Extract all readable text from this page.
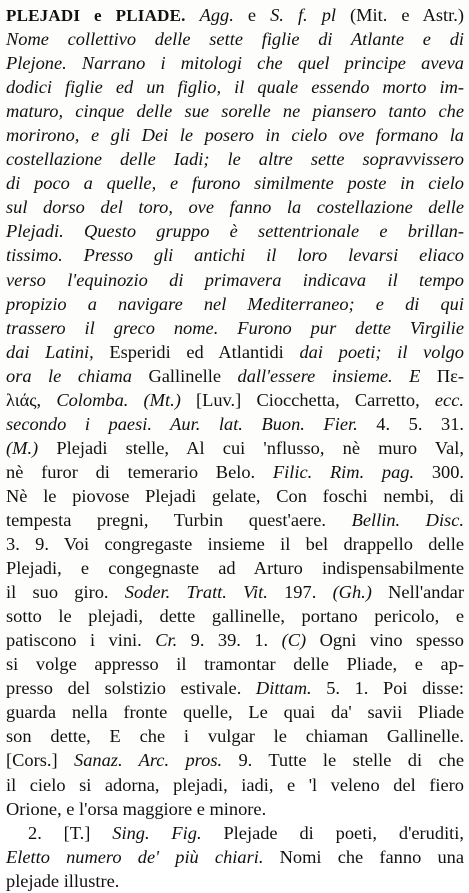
PLEJADI e PLIADE. Agg. e S. f. pl (Mit. e Astr.)
Nome collettivo delle sette figlie di Atlante e di
Plejone. Narrano i mitologi che quel principe aveva
dodici figlie ed un figlio, il quale essendo morto im-
maturo, cinque delle sue sorelle ne piansero tanto che
morirono, e gli Dei le posero in cielo ove formano la
costellazione delle Iadi; le altre sette sopravvissero
di poco a quelle, e furono similmente poste in cielo
sul dorso del toro, ove fanno la costellazione delle
Plejadi. Questo gruppo è settentrionale e brillan-
tissimo. Presso gli antichi il loro levarsi eliaco
verso l'equinozio di primavera indicava il tempo
propizio a navigare nel Mediterraneo; e di qui
trassero il greco nome. Furono pur dette Virgilie
dai Latini, Esperidi ed Atlantidi dai poeti; il volgo
ora le chiama Gallinelle dall'essere insieme. E Πε-
λιάς, Colomba. (Mt.) [Luv.] Ciocchetta, Carretto, ecc.
secondo i paesi. Aur. lat. Buon. Fier. 4. 5. 31.
(M.) Plejadi stelle, Al cui 'nflusso, nè muro Val,
nè furor di temerario Belo. Filic. Rim. pag. 300.
Nè le piovose Plejadi gelate, Con foschi nembi, di
tempesta pregni, Turbin quest'aere. Bellin. Disc.
3. 9. Voi congregaste insieme il bel drappello delle
Plejadi, e congegnaste ad Arturo indispensabilmente
il suo giro. Soder. Tratt. Vit. 197. (Gh.) Nell'andar
sotto le plejadi, dette gallinelle, portano pericolo, e
patiscono i vini. Cr. 9. 39. 1. (C) Ogni vino spesso
si volge appresso il tramontar delle Pliade, e ap-
presso del solstizio estivale. Dittam. 5. 1. Poi disse:
guarda nella fronte quelle, Le quai da' savii Pliade
son dette, E che i vulgar le chiaman Gallinelle.
[Cors.] Sanaz. Arc. pros. 9. Tutte le stelle di che
il cielo si adorna, plejadi, iadi, e 'l veleno del fiero
Orione, e l'orsa maggiore e minore.
2. [T.] Sing. Fig. Plejade di poeti, d'eruditi,
Eletto numero de' più chiari. Nomi che fanno una
plejade illustre.
